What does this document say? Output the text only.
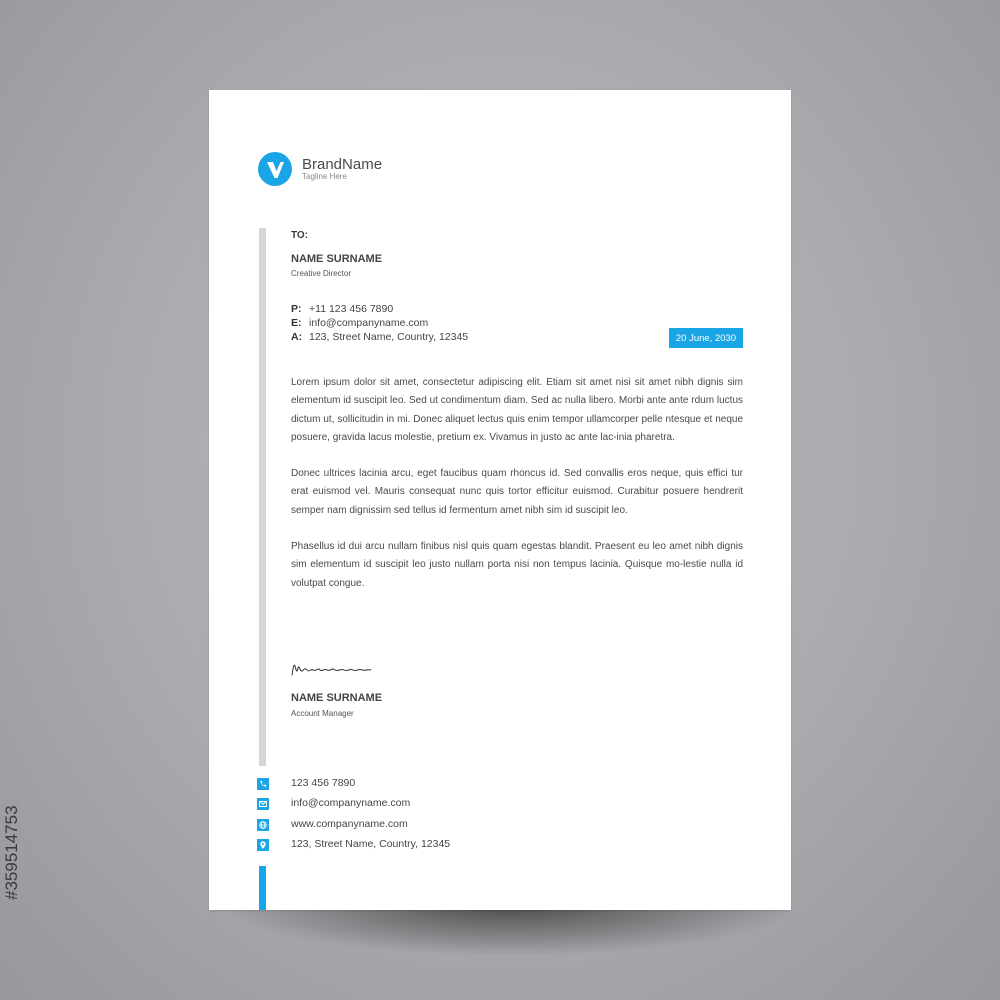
BrandName
Tagline Here
TO:
NAME SURNAME
Creative Director
P: +11 123 456 7890
E: info@companyname.com
A: 123, Street Name, Country, 12345	20 June, 2030

Lorem ipsum dolor sit amet, consectetur adipiscing elit. Etiam sit amet nisi sit amet nibh dignis sim elementum id suscipit leo. Sed ut condimentum diam. Sed ac nulla libero. Morbi ante ante rdum luctus dictum ut, sollicitudin in mi. Donec aliquet lectus quis enim tempor ullamcorper pelle ntesque et neque posuere, gravida lacus molestie, pretium ex. Vivamus in justo ac ante lac-inia pharetra.

Donec ultrices lacinia arcu, eget faucibus quam rhoncus id. Sed convallis eros neque, quis effici tur erat euismod vel. Mauris consequat nunc quis tortor efficitur euismod. Curabitur posuere hendrerit semper nam dignissim sed tellus id fermentum amet nibh sim id suscipit leo.

Phasellus id dui arcu nullam finibus nisl quis quam egestas blandit. Praesent eu leo amet nibh dignis sim elementum id suscipit leo justo nullam porta nisi non tempus lacinia. Quisque mo-lestie nulla id volutpat congue.

NAME SURNAME
Account Manager
123 456 7890
info@companyname.com
www.companyname.com
123, Street Name, Country, 12345
#359514753
